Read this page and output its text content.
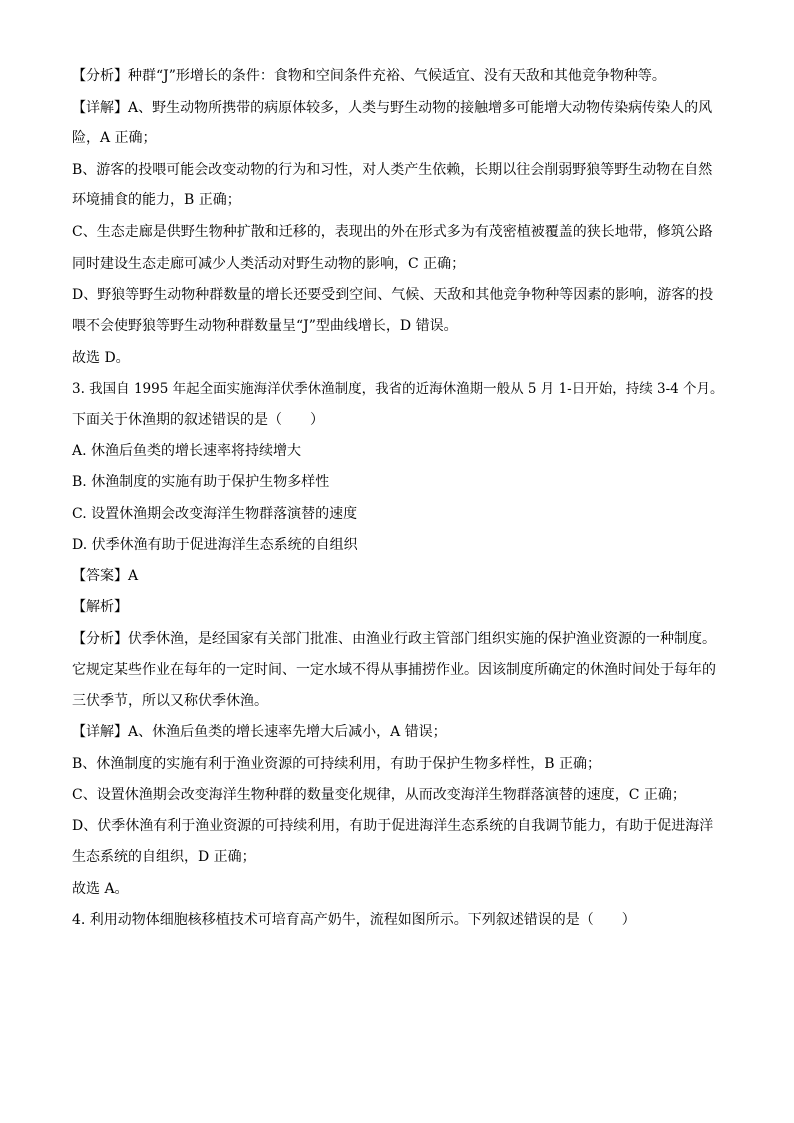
【分析】种群“J”形增长的条件：食物和空间条件充裕、气候适宜、没有天敌和其他竞争物种等。
【详解】A、野生动物所携带的病原体较多，人类与野生动物的接触增多可能增大动物传染病传染人的风
险，A 正确；
B、游客的投喂可能会改变动物的行为和习性，对人类产生依赖，长期以往会削弱野狼等野生动物在自然
环境捕食的能力，B 正确；
C、生态走廊是供野生物种扩散和迁移的，表现出的外在形式多为有茂密植被覆盖的狭长地带，修筑公路
同时建设生态走廊可减少人类活动对野生动物的影响，C 正确；
D、野狼等野生动物种群数量的增长还要受到空间、气候、天敌和其他竞争物种等因素的影响，游客的投
喂不会使野狼等野生动物种群数量呈“J”型曲线增长，D 错误。
故选 D。
3. 我国自 1995 年起全面实施海洋伏季休渔制度，我省的近海休渔期一般从 5 月 1-日开始，持续 3-4 个月。
下面关于休渔期的叙述错误的是（　　）
A. 休渔后鱼类的增长速率将持续增大
B. 休渔制度的实施有助于保护生物多样性
C. 设置休渔期会改变海洋生物群落演替的速度
D. 伏季休渔有助于促进海洋生态系统的自组织
【答案】A
【解析】
【分析】伏季休渔，是经国家有关部门批准、由渔业行政主管部门组织实施的保护渔业资源的一种制度。
它规定某些作业在每年的一定时间、一定水域不得从事捕捞作业。因该制度所确定的休渔时间处于每年的
三伏季节，所以又称伏季休渔。
【详解】A、休渔后鱼类的增长速率先增大后减小，A 错误；
B、休渔制度的实施有利于渔业资源的可持续利用，有助于保护生物多样性，B 正确；
C、设置休渔期会改变海洋生物种群的数量变化规律，从而改变海洋生物群落演替的速度，C 正确；
D、伏季休渔有利于渔业资源的可持续利用，有助于促进海洋生态系统的自我调节能力，有助于促进海洋
生态系统的自组织，D 正确；
故选 A。
4. 利用动物体细胞核移植技术可培育高产奶牛，流程如图所示。下列叙述错误的是（　　）
